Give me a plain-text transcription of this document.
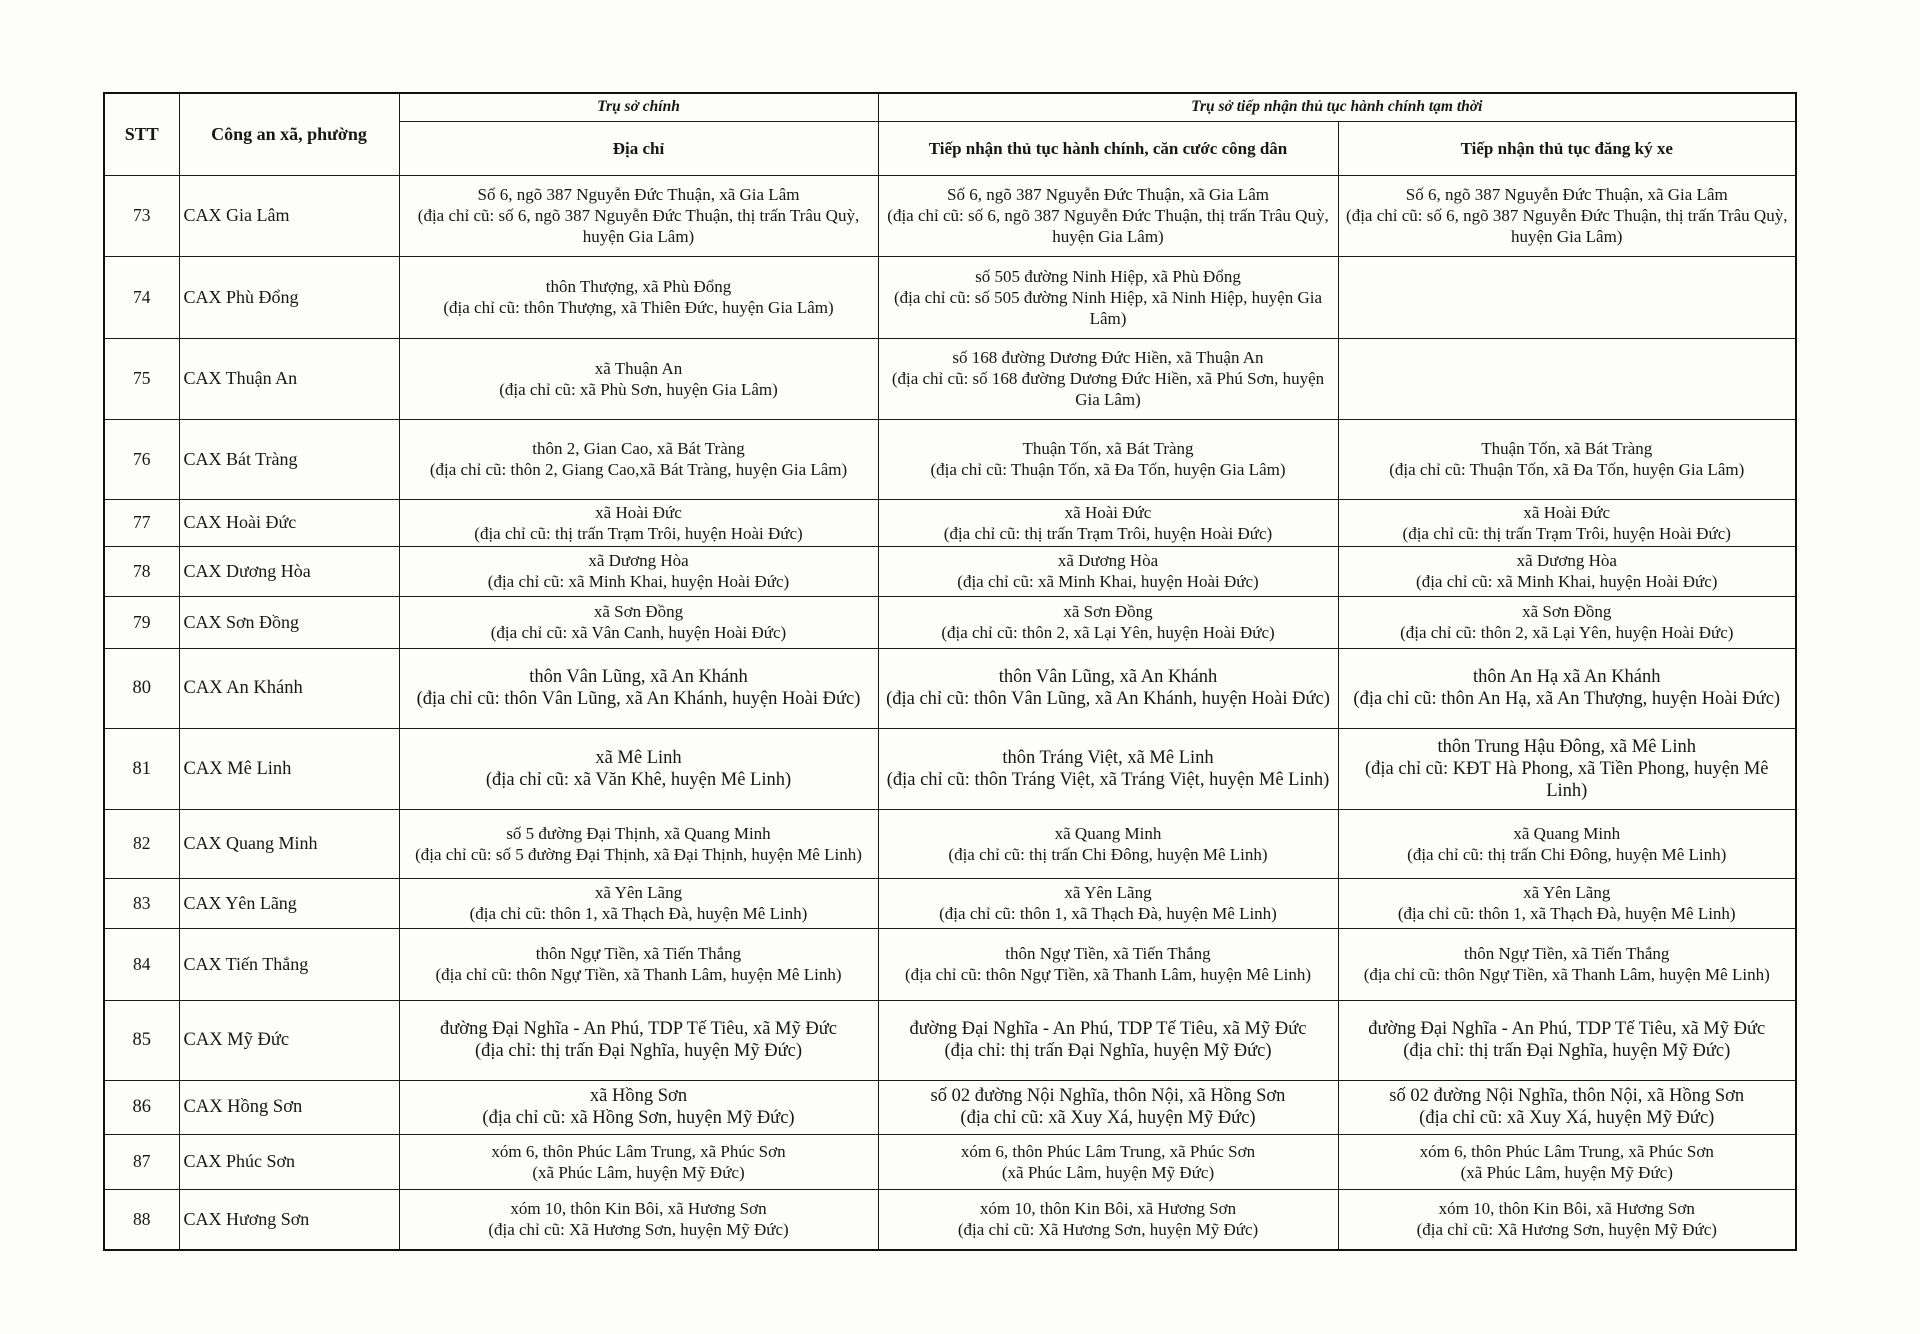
STT	Công an xã, phường	Trụ sở chính	Trụ sở tiếp nhận thủ tục hành chính tạm thời	
		Địa chỉ	Tiếp nhận thủ tục hành chính, căn cước công dân	Tiếp nhận thủ tục đăng ký xe
73	CAX Gia Lâm	Số 6, ngõ 387 Nguyễn Đức Thuận, xã Gia Lâm
(địa chỉ cũ: số 6, ngõ 387 Nguyễn Đức Thuận, thị trấn Trâu Quỳ, huyện Gia Lâm)	Số 6, ngõ 387 Nguyễn Đức Thuận, xã Gia Lâm
(địa chỉ cũ: số 6, ngõ 387 Nguyễn Đức Thuận, thị trấn Trâu Quỳ, huyện Gia Lâm)	Số 6, ngõ 387 Nguyễn Đức Thuận, xã Gia Lâm
(địa chỉ cũ: số 6, ngõ 387 Nguyễn Đức Thuận, thị trấn Trâu Quỳ, huyện Gia Lâm)

74	CAX Phù Đổng	thôn Thượng, xã Phù Đổng
(địa chỉ cũ: thôn Thượng, xã Thiên Đức, huyện Gia Lâm)	số 505 đường Ninh Hiệp, xã Phù Đổng
(địa chỉ cũ: số 505 đường Ninh Hiệp, xã Ninh Hiệp, huyện Gia Lâm)	

75	CAX Thuận An	xã Thuận An
(địa chỉ cũ: xã Phù Sơn, huyện Gia Lâm)	số 168 đường Dương Đức Hiền, xã Thuận An
(địa chỉ cũ: số 168 đường Dương Đức Hiền, xã Phú Sơn, huyện Gia Lâm)	

76	CAX Bát Tràng	thôn 2, Gian Cao, xã Bát Tràng
(địa chỉ cũ: thôn 2, Giang Cao,xã Bát Tràng, huyện Gia Lâm)	Thuận Tốn, xã Bát Tràng
(địa chỉ cũ: Thuận Tốn, xã Đa Tốn, huyện Gia Lâm)	Thuận Tốn, xã Bát Tràng
(địa chỉ cũ: Thuận Tốn, xã Đa Tốn, huyện Gia Lâm)

77	CAX Hoài Đức	xã Hoài Đức
(địa chỉ cũ: thị trấn Trạm Trôi, huyện Hoài Đức)	xã Hoài Đức
(địa chỉ cũ: thị trấn Trạm Trôi, huyện Hoài Đức)	xã Hoài Đức
(địa chỉ cũ: thị trấn Trạm Trôi, huyện Hoài Đức)

78	CAX Dương Hòa	xã Dương Hòa
(địa chỉ cũ: xã Minh Khai, huyện Hoài Đức)	xã Dương Hòa
(địa chỉ cũ: xã Minh Khai, huyện Hoài Đức)	xã Dương Hòa
(địa chỉ cũ: xã Minh Khai, huyện Hoài Đức)

79	CAX Sơn Đồng	xã Sơn Đồng
(địa chỉ cũ: xã Vân Canh, huyện Hoài Đức)	xã Sơn Đồng
(địa chỉ cũ: thôn 2, xã Lại Yên, huyện Hoài Đức)	xã Sơn Đồng
(địa chỉ cũ: thôn 2, xã Lại Yên, huyện Hoài Đức)

80	CAX An Khánh	thôn Vân Lũng, xã An Khánh
(địa chỉ cũ: thôn Vân Lũng, xã An Khánh, huyện Hoài Đức)	thôn Vân Lũng, xã An Khánh
(địa chỉ cũ: thôn Vân Lũng, xã An Khánh, huyện Hoài Đức)	thôn An Hạ xã An Khánh
(địa chỉ cũ: thôn An Hạ, xã An Thượng, huyện Hoài Đức)

81	CAX Mê Linh	xã Mê Linh
(địa chỉ cũ: xã Văn Khê, huyện Mê Linh)	thôn Tráng Việt, xã Mê Linh
(địa chỉ cũ: thôn Tráng Việt, xã Tráng Việt, huyện Mê Linh)	thôn Trung Hậu Đông, xã Mê Linh
(địa chỉ cũ: KĐT Hà Phong, xã Tiền Phong, huyện Mê Linh)

82	CAX Quang Minh	số 5 đường Đại Thịnh, xã Quang Minh
(địa chỉ cũ: số 5 đường Đại Thịnh, xã Đại Thịnh, huyện Mê Linh)	xã Quang Minh
(địa chỉ cũ: thị trấn Chi Đông, huyện Mê Linh)	xã Quang Minh
(địa chỉ cũ: thị trấn Chi Đông, huyện Mê Linh)

83	CAX Yên Lãng	xã Yên Lãng
(địa chỉ cũ: thôn 1, xã Thạch Đà, huyện Mê Linh)	xã Yên Lãng
(địa chỉ cũ: thôn 1, xã Thạch Đà, huyện Mê Linh)	xã Yên Lãng
(địa chỉ cũ: thôn 1, xã Thạch Đà, huyện Mê Linh)

84	CAX Tiến Thắng	thôn Ngự Tiền, xã Tiến Thắng
(địa chỉ cũ: thôn Ngự Tiền, xã Thanh Lâm, huyện Mê Linh)	thôn Ngự Tiền, xã Tiến Thắng
(địa chỉ cũ: thôn Ngự Tiền, xã Thanh Lâm, huyện Mê Linh)	thôn Ngự Tiền, xã Tiến Thắng
(địa chỉ cũ: thôn Ngự Tiền, xã Thanh Lâm, huyện Mê Linh)

85	CAX Mỹ Đức	đường Đại Nghĩa - An Phú, TDP Tế Tiêu, xã Mỹ Đức
(địa chỉ: thị trấn Đại Nghĩa, huyện Mỹ Đức)	đường Đại Nghĩa - An Phú, TDP Tế Tiêu, xã Mỹ Đức
(địa chỉ: thị trấn Đại Nghĩa, huyện Mỹ Đức)	đường Đại Nghĩa - An Phú, TDP Tế Tiêu, xã Mỹ Đức
(địa chỉ: thị trấn Đại Nghĩa, huyện Mỹ Đức)

86	CAX Hồng Sơn	xã Hồng Sơn
(địa chỉ cũ: xã Hồng Sơn, huyện Mỹ Đức)	số 02 đường Nội Nghĩa, thôn Nội, xã Hồng Sơn
(địa chỉ cũ: xã Xuy Xá, huyện Mỹ Đức)	số 02 đường Nội Nghĩa, thôn Nội, xã Hồng Sơn
(địa chỉ cũ: xã Xuy Xá, huyện Mỹ Đức)

87	CAX Phúc Sơn	xóm 6, thôn Phúc Lâm Trung, xã Phúc Sơn
(xã Phúc Lâm, huyện Mỹ Đức)	xóm 6, thôn Phúc Lâm Trung, xã Phúc Sơn
(xã Phúc Lâm, huyện Mỹ Đức)	xóm 6, thôn Phúc Lâm Trung, xã Phúc Sơn
(xã Phúc Lâm, huyện Mỹ Đức)

88	CAX Hương Sơn	xóm 10, thôn Kin Bôi, xã Hương Sơn
(địa chỉ cũ: Xã Hương Sơn, huyện Mỹ Đức)	xóm 10, thôn Kin Bôi, xã Hương Sơn
(địa chỉ cũ: Xã Hương Sơn, huyện Mỹ Đức)	xóm 10, thôn Kin Bôi, xã Hương Sơn
(địa chỉ cũ: Xã Hương Sơn, huyện Mỹ Đức)
